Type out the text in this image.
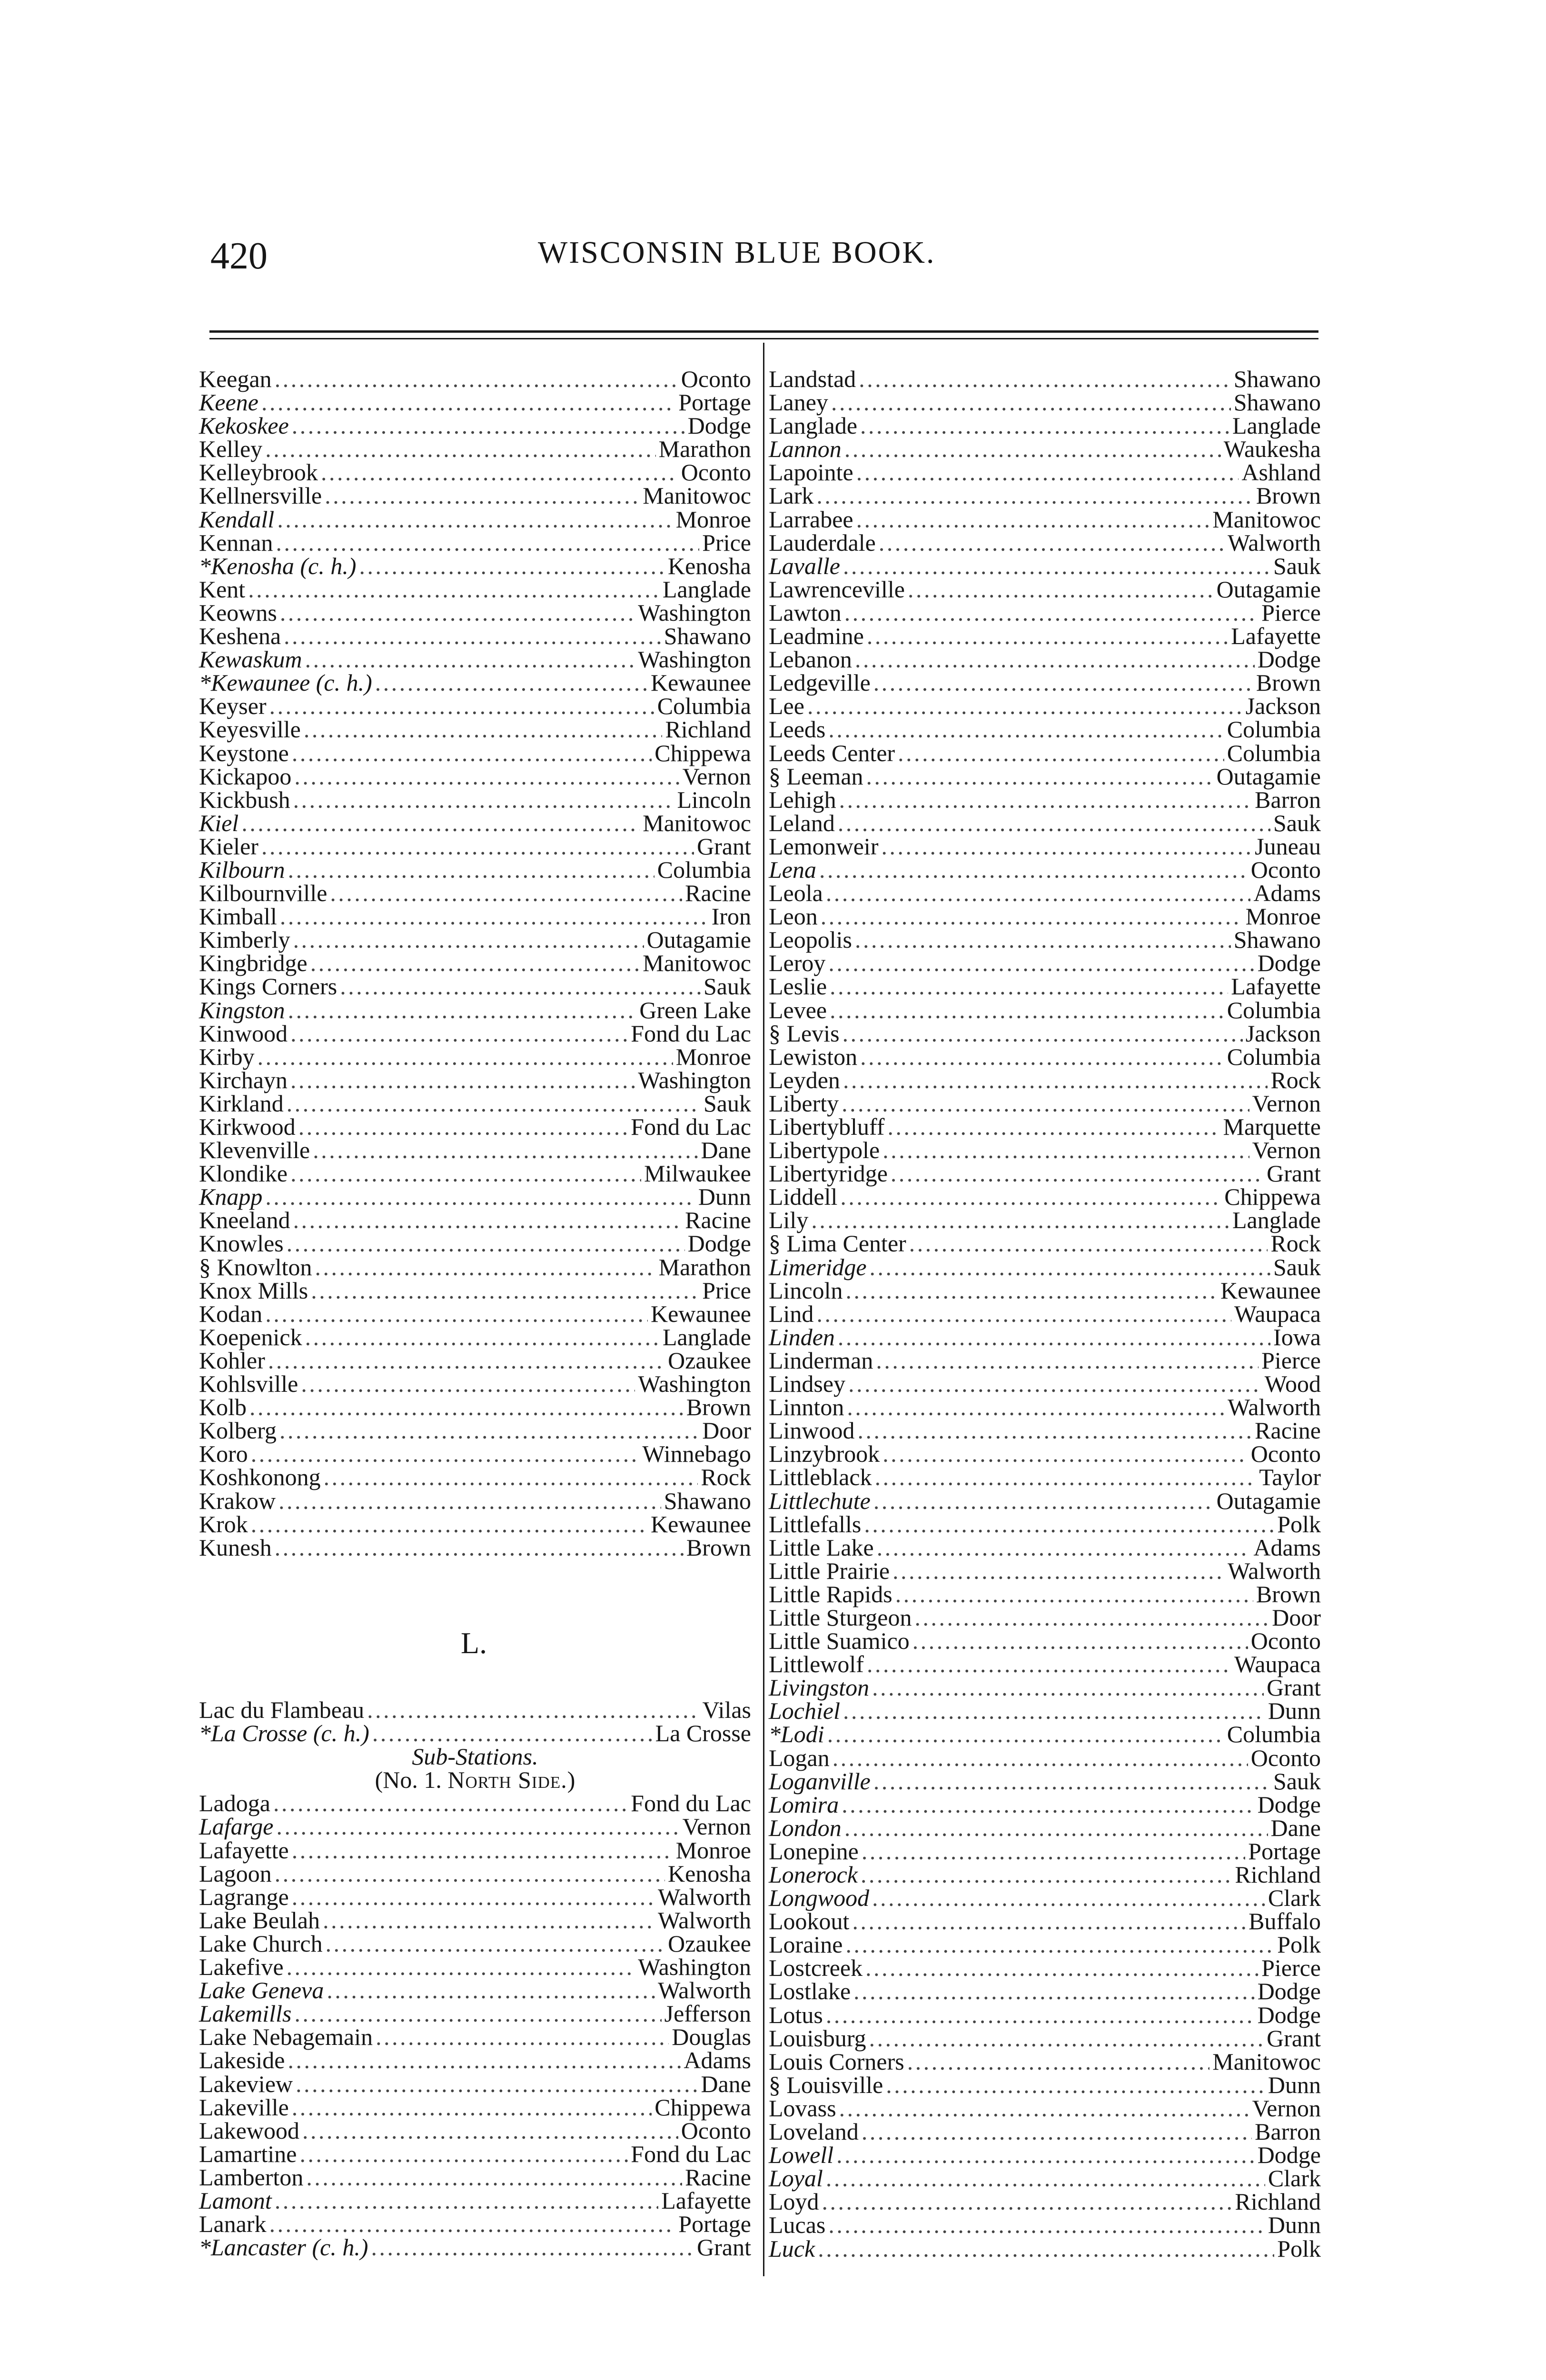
420	WISCONSIN BLUE BOOK.
Keegan . . .	Oconto
Keene . . .	Portage
Kekoskee . . .	Dodge
Kelley . . .	Marathon
Kelleybrook . . .	Oconto
Kellnersville . . .	Manitowoc
Kendall . . .	Monroe
Kennan . . .	Price
*Kenosha (c. h.) . . .	Kenosha
Kent . . .	Langlade
Keowns . . .	Washington
Keshena . . .	Shawano
Kewaskum . . .	Washington
*Kewaunee (c. h.) . . .	Kewaunee
Keyser . . .	Columbia
Keyesville . . .	Richland
Keystone . . .	Chippewa
Kickapoo . . .	Vernon
Kickbush . . .	Lincoln
Kiel . . .	Manitowoc
Kieler . . .	Grant
Kilbourn . . .	Columbia
Kilbournville . . .	Racine
Kimball . . .	Iron
Kimberly . . .	Outagamie
Kingbridge . . .	Manitowoc
Kings Corners . . .	Sauk
Kingston . . .	Green Lake
Kinwood . . .	Fond du Lac
Kirby . . .	Monroe
Kirchayn . . .	Washington
Kirkland . . .	Sauk
Kirkwood . . .	Fond du Lac
Klevenville . . .	Dane
Klondike . . .	Milwaukee
Knapp . . .	Dunn
Kneeland . . .	Racine
Knowles . . .	Dodge
§ Knowlton . . .	Marathon
Knox Mills . . .	Price
Kodan . . .	Kewaunee
Koepenick . . .	Langlade
Kohler . . .	Ozaukee
Kohlsville . . .	Washington
Kolb . . .	Brown
Kolberg . . .	Door
Koro . . .	Winnebago
Koshkonong . . .	Rock
Krakow . . .	Shawano
Krok . . .	Kewaunee
Kunesh . . .	Brown
L.
Lac du Flambeau . . .	Vilas
*La Crosse (c. h.) . . .	La Crosse
Sub-Stations.
(No. 1. North Side.)
Ladoga . . .	Fond du Lac
Lafarge . . .	Vernon
Lafayette . . .	Monroe
Lagoon . . .	Kenosha
Lagrange . . .	Walworth
Lake Beulah . . .	Walworth
Lake Church . . .	Ozaukee
Lakefive . . .	Washington
Lake Geneva . . .	Walworth
Lakemills . . .	Jefferson
Lake Nebagemain . . .	Douglas
Lakeside . . .	Adams
Lakeview . . .	Dane
Lakeville . . .	Chippewa
Lakewood . . .	Oconto
Lamartine . . .	Fond du Lac
Lamberton . . .	Racine
Lamont . . .	Lafayette
Lanark . . .	Portage
*Lancaster (c. h.) . . .	Grant
Landstad . . .	Shawano
Laney . . .	Shawano
Langlade . . .	Langlade
Lannon . . .	Waukesha
Lapointe . . .	Ashland
Lark . . .	Brown
Larrabee . . .	Manitowoc
Lauderdale . . .	Walworth
Lavalle . . .	Sauk
Lawrenceville . . .	Outagamie
Lawton . . .	Pierce
Leadmine . . .	Lafayette
Lebanon . . .	Dodge
Ledgeville . . .	Brown
Lee . . .	Jackson
Leeds . . .	Columbia
Leeds Center . . .	Columbia
§ Leeman . . .	Outagamie
Lehigh . . .	Barron
Leland . . .	Sauk
Lemonweir . . .	Juneau
Lena . . .	Oconto
Leola . . .	Adams
Leon . . .	Monroe
Leopolis . . .	Shawano
Leroy . . .	Dodge
Leslie . . .	Lafayette
Levee . . .	Columbia
§ Levis . . .	Jackson
Lewiston . . .	Columbia
Leyden . . .	Rock
Liberty . . .	Vernon
Libertybluff . . .	Marquette
Libertypole . . .	Vernon
Libertyridge . . .	Grant
Liddell . . .	Chippewa
Lily . . .	Langlade
§ Lima Center . . .	Rock
Limeridge . . .	Sauk
Lincoln . . .	Kewaunee
Lind . . .	Waupaca
Linden . . .	Iowa
Linderman . . .	Pierce
Lindsey . . .	Wood
Linnton . . .	Walworth
Linwood . . .	Racine
Linzybrook . . .	Oconto
Littleblack . . .	Taylor
Littlechute . . .	Outagamie
Littlefalls . . .	Polk
Little Lake . . .	Adams
Little Prairie . . .	Walworth
Little Rapids . . .	Brown
Little Sturgeon . . .	Door
Little Suamico . . .	Oconto
Littlewolf . . .	Waupaca
Livingston . . .	Grant
Lochiel . . .	Dunn
*Lodi . . .	Columbia
Logan . . .	Oconto
Loganville . . .	Sauk
Lomira . . .	Dodge
London . . .	Dane
Lonepine . . .	Portage
Lonerock . . .	Richland
Longwood . . .	Clark
Lookout . . .	Buffalo
Loraine . . .	Polk
Lostcreek . . .	Pierce
Lostlake . . .	Dodge
Lotus . . .	Dodge
Louisburg . . .	Grant
Louis Corners . . .	Manitowoc
§ Louisville . . .	Dunn
Lovass . . .	Vernon
Loveland . . .	Barron
Lowell . . .	Dodge
Loyal . . .	Clark
Loyd . . .	Richland
Lucas . . .	Dunn
Luck . . .	Polk
